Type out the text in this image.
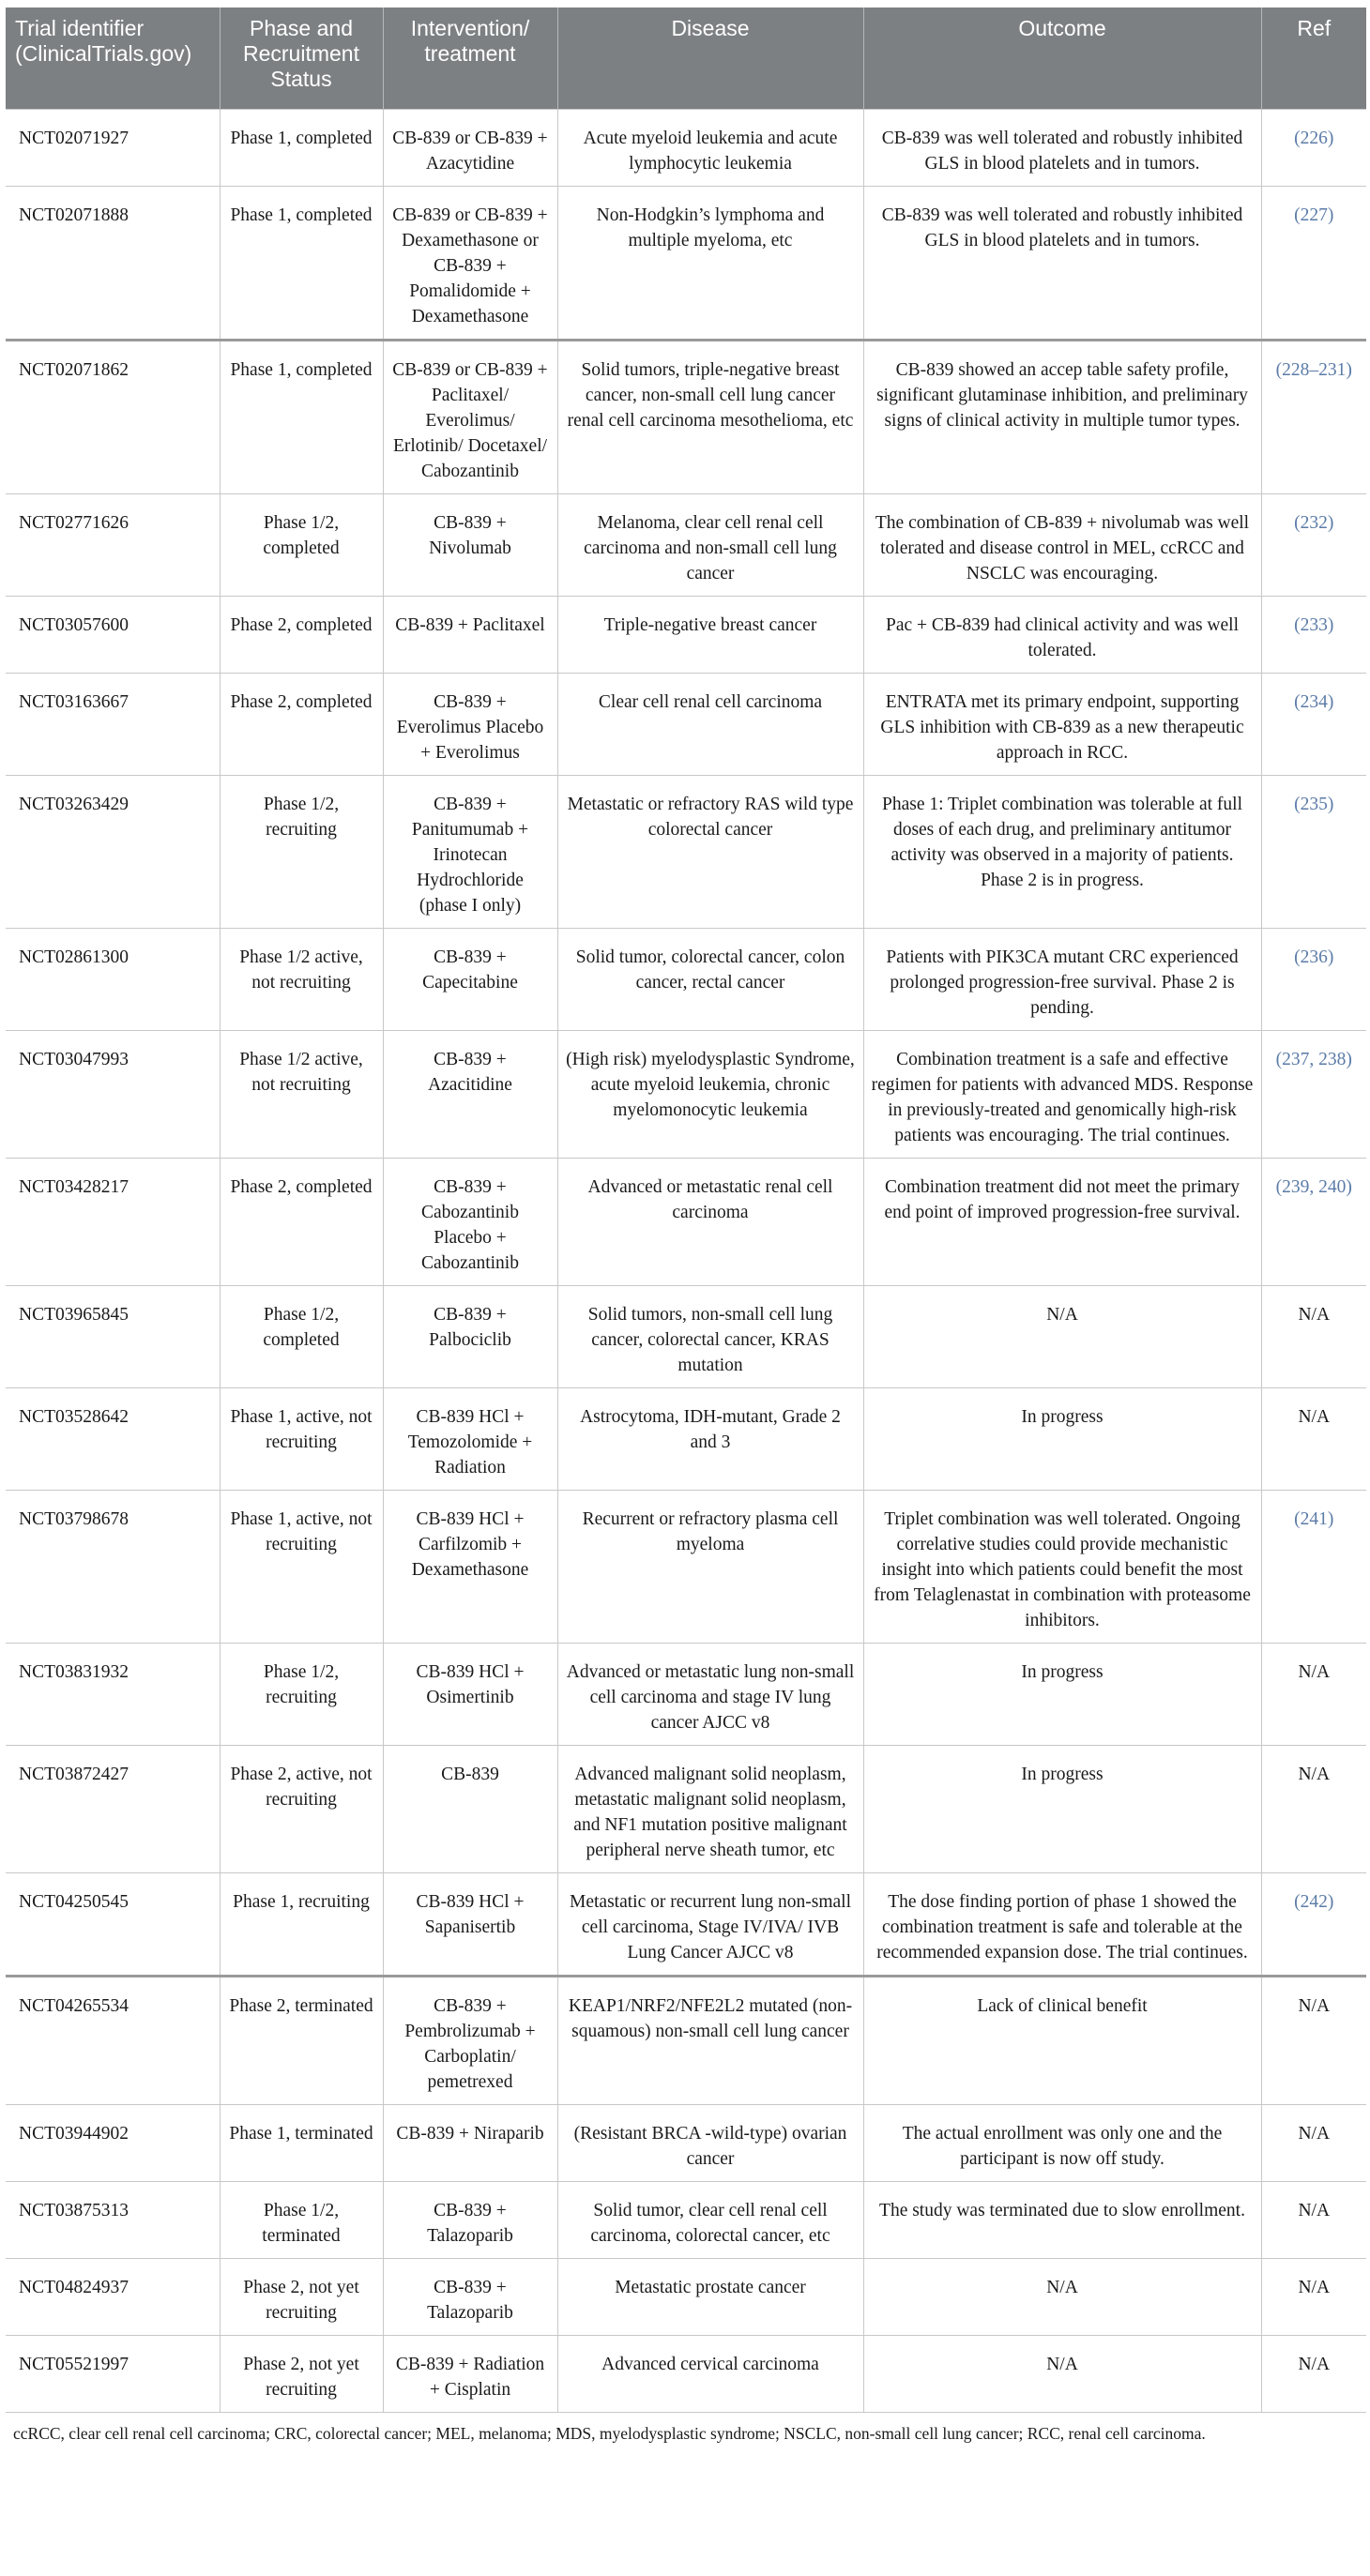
Trial identifier (ClinicalTrials.gov)	Phase and Recruitment Status	Intervention/ treatment	Disease	Outcome	Ref
NCT02071927	Phase 1, completed	CB-839 or CB-839 + Azacytidine	Acute myeloid leukemia and acute lymphocytic leukemia	CB-839 was well tolerated and robustly inhibited GLS in blood platelets and in tumors.	(226)
NCT02071888	Phase 1, completed	CB-839 or CB-839 + Dexamethasone or CB-839 + Pomalidomide + Dexamethasone	Non-Hodgkin’s lymphoma and multiple myeloma, etc	CB-839 was well tolerated and robustly inhibited GLS in blood platelets and in tumors.	(227)
NCT02071862	Phase 1, completed	CB-839 or CB-839 + Paclitaxel/ Everolimus/ Erlotinib/ Docetaxel/ Cabozantinib	Solid tumors, triple-negative breast cancer, non-small cell lung cancer renal cell carcinoma mesothelioma, etc	CB-839 showed an accep table safety profile, significant glutaminase inhibition, and preliminary signs of clinical activity in multiple tumor types.	(228–231)
NCT02771626	Phase 1/2, completed	CB-839 + Nivolumab	Melanoma, clear cell renal cell carcinoma and non-small cell lung cancer	The combination of CB-839 + nivolumab was well tolerated and disease control in MEL, ccRCC and NSCLC was encouraging.	(232)
NCT03057600	Phase 2, completed	CB-839 + Paclitaxel	Triple-negative breast cancer	Pac + CB-839 had clinical activity and was well tolerated.	(233)
NCT03163667	Phase 2, completed	CB-839 + Everolimus Placebo + Everolimus	Clear cell renal cell carcinoma	ENTRATA met its primary endpoint, supporting GLS inhibition with CB-839 as a new therapeutic approach in RCC.	(234)
NCT03263429	Phase 1/2, recruiting	CB-839 + Panitumumab + Irinotecan Hydrochloride (phase I only)	Metastatic or refractory RAS wild type colorectal cancer	Phase 1: Triplet combination was tolerable at full doses of each drug, and preliminary antitumor activity was observed in a majority of patients. Phase 2 is in progress.	(235)
NCT02861300	Phase 1/2 active, not recruiting	CB-839 + Capecitabine	Solid tumor, colorectal cancer, colon cancer, rectal cancer	Patients with PIK3CA mutant CRC experienced prolonged progression-free survival. Phase 2 is pending.	(236)
NCT03047993	Phase 1/2 active, not recruiting	CB-839 + Azacitidine	(High risk) myelodysplastic Syndrome, acute myeloid leukemia, chronic myelomonocytic leukemia	Combination treatment is a safe and effective regimen for patients with advanced MDS. Response in previously-treated and genomically high-risk patients was encouraging. The trial continues.	(237, 238)
NCT03428217	Phase 2, completed	CB-839 + Cabozantinib Placebo + Cabozantinib	Advanced or metastatic renal cell carcinoma	Combination treatment did not meet the primary end point of improved progression-free survival.	(239, 240)
NCT03965845	Phase 1/2, completed	CB-839 + Palbociclib	Solid tumors, non-small cell lung cancer, colorectal cancer, KRAS mutation	N/A	N/A
NCT03528642	Phase 1, active, not recruiting	CB-839 HCl + Temozolomide + Radiation	Astrocytoma, IDH-mutant, Grade 2 and 3	In progress	N/A
NCT03798678	Phase 1, active, not recruiting	CB-839 HCl + Carfilzomib + Dexamethasone	Recurrent or refractory plasma cell myeloma	Triplet combination was well tolerated. Ongoing correlative studies could provide mechanistic insight into which patients could benefit the most from Telaglenastat in combination with proteasome inhibitors.	(241)
NCT03831932	Phase 1/2, recruiting	CB-839 HCl + Osimertinib	Advanced or metastatic lung non-small cell carcinoma and stage IV lung cancer AJCC v8	In progress	N/A
NCT03872427	Phase 2, active, not recruiting	CB-839	Advanced malignant solid neoplasm, metastatic malignant solid neoplasm, and NF1 mutation positive malignant peripheral nerve sheath tumor, etc	In progress	N/A
NCT04250545	Phase 1, recruiting	CB-839 HCl + Sapanisertib	Metastatic or recurrent lung non-small cell carcinoma, Stage IV/IVA/ IVB Lung Cancer AJCC v8	The dose finding portion of phase 1 showed the combination treatment is safe and tolerable at the recommended expansion dose. The trial continues.	(242)
NCT04265534	Phase 2, terminated	CB-839 + Pembrolizumab + Carboplatin/ pemetrexed	KEAP1/NRF2/NFE2L2 mutated (non-squamous) non-small cell lung cancer	Lack of clinical benefit	N/A
NCT03944902	Phase 1, terminated	CB-839 + Niraparib	(Resistant BRCA -wild-type) ovarian cancer	The actual enrollment was only one and the participant is now off study.	N/A
NCT03875313	Phase 1/2, terminated	CB-839 + Talazoparib	Solid tumor, clear cell renal cell carcinoma, colorectal cancer, etc	The study was terminated due to slow enrollment.	N/A
NCT04824937	Phase 2, not yet recruiting	CB-839 + Talazoparib	Metastatic prostate cancer	N/A	N/A
NCT05521997	Phase 2, not yet recruiting	CB-839 + Radiation + Cisplatin	Advanced cervical carcinoma	N/A	N/A
ccRCC, clear cell renal cell carcinoma; CRC, colorectal cancer; MEL, melanoma; MDS, myelodysplastic syndrome; NSCLC, non-small cell lung cancer; RCC, renal cell carcinoma.
